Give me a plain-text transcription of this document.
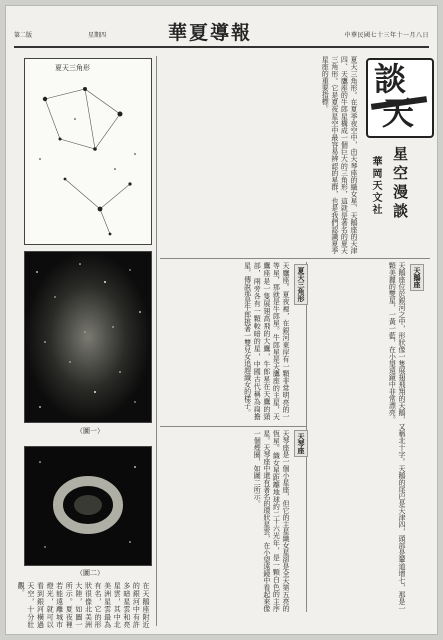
中華民國七十三年十一月八日
華夏導報
星期四
第二版
談
天
星空漫談
華岡天文社
夏天三角形。在夏季夜空中，由天琴座的織女星、天鵝座的天津四、天鷹座的牛郎星構成一個巨大的三角形，這就是著名的夏天三角形。它是夏夜星空中最容易辨認的星群，也是我們認識夏季星座的重要指標。
天鵝座
天鵝座位於銀河之中，形狀像一隻展翅飛翔的天鵝，又稱北十字。天鵝的尾巴是天津四，頭部是輦道增七，那是一顆美麗的雙星，一黃一藍，在小望遠鏡中非常漂亮。
夏天三角形
天鷹座。夏夜裡，在銀河東岸有一顆非常明亮的一等星，那就是牛郎星。牛郎星是天鷹座的主星，天鷹座是一隻展翅高飛的大鷹，牛郎星在天鷹的頸部，兩旁各有一顆較暗的星，中國古代稱為扁擔星，傳說那是牛郎挑著一雙兒女追趕織女的樣子。
天琴座
天琴座是一個小星座，但它的主星織女星卻是全天第五亮的恆星。織女星距離地球約二十六光年，是一顆白色的主序星。天琴座中還有著名的環狀星雲，在小望遠鏡中看起來像一個煙圈，如圖二所示。
夏天三角形
（圖一）
（圖二）
在天鵝座附近的銀河中有許多暗星雲和亮星雲，其中北美洲星雲最為有名，它的形狀很像北美洲大陸，如圖一所示。夏夜裡若能遠離城市燈光，就可以看到銀河橫過天空，十分壯觀。
